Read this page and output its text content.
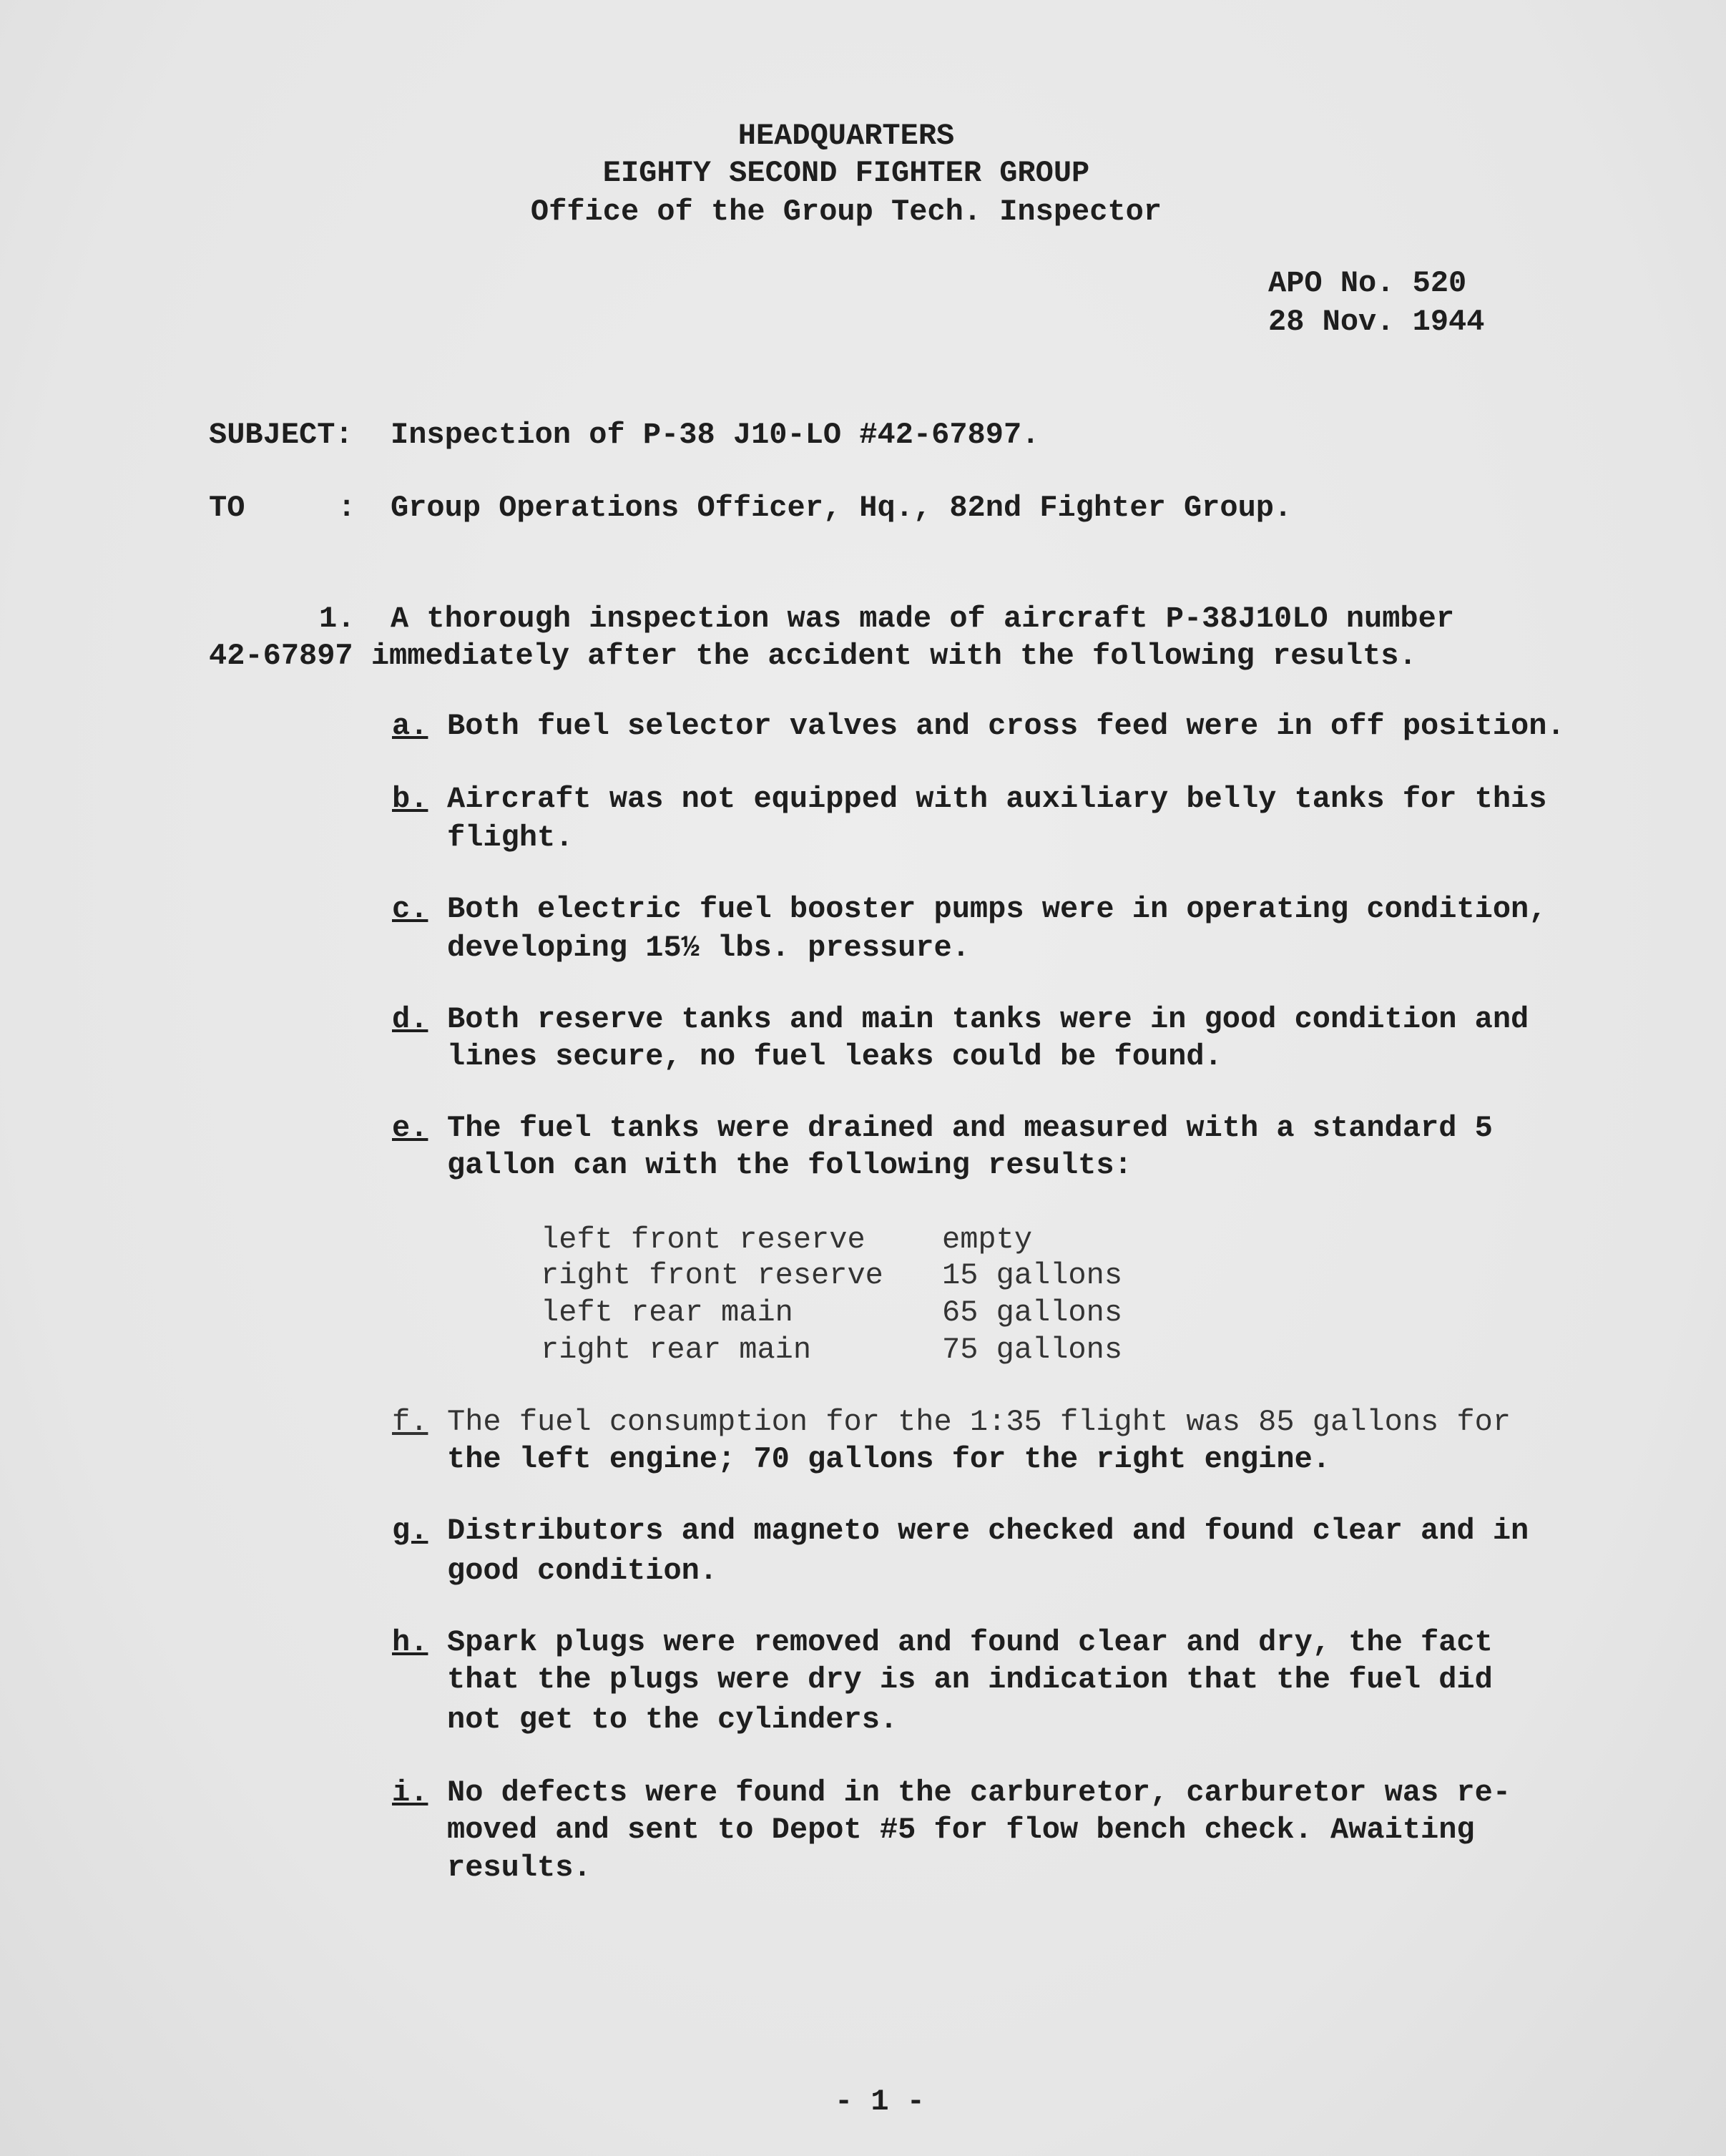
HEADQUARTERS
EIGHTY SECOND FIGHTER GROUP
Office of the Group Tech. Inspector
APO No. 520
28 Nov. 1944
SUBJECT: Inspection of P-38 J10-LO #42-67897.
TO	: Group Operations Officer, Hq., 82nd Fighter Group.
1. A thorough inspection was made of aircraft P-38J10LO number
42-67897 immediately after the accident with the following results.
a. Both fuel selector valves and cross feed were in off position.
b. Aircraft was not equipped with auxiliary belly tanks for this
flight.
c. Both electric fuel booster pumps were in operating condition,
developing 15½ lbs. pressure.
d. Both reserve tanks and main tanks were in good condition and
lines secure, no fuel leaks could be found.
e. The fuel tanks were drained and measured with a standard 5
gallon can with the following results:
left front reserve	empty
right front reserve 15 gallons
left rear main	65 gallons
right rear main	75 gallons
f. The fuel consumption for the 1:35 flight was 85 gallons for
the left engine; 70 gallons for the right engine.
g. Distributors and magneto were checked and found clear and in
good condition.
h. Spark plugs were removed and found clear and dry, the fact
that the plugs were dry is an indication that the fuel did
not get to the cylinders.
i. No defects were found in the carburetor, carburetor was re-
moved and sent to Depot #5 for flow bench check. Awaiting
results.
- 1 -
